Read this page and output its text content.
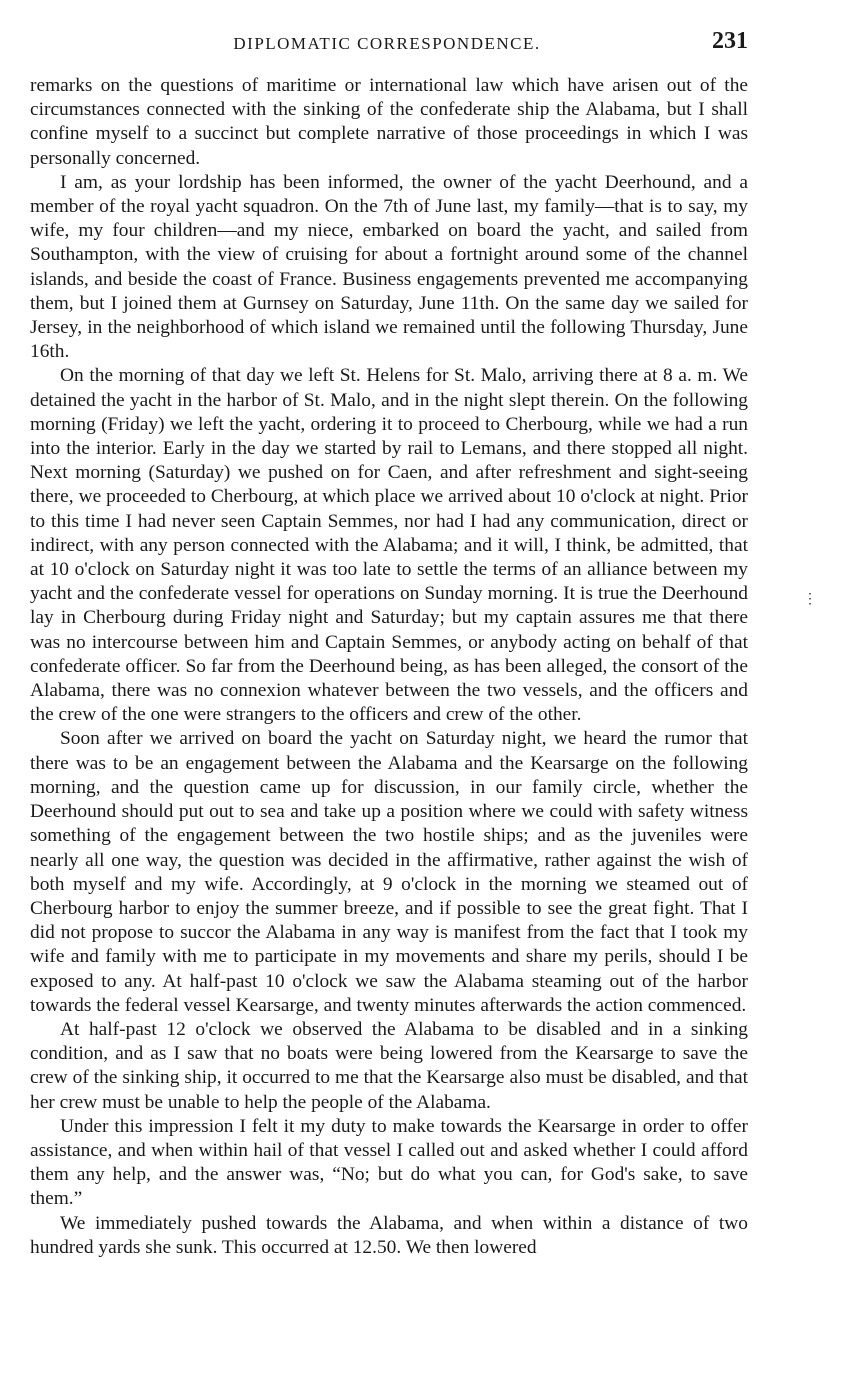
DIPLOMATIC CORRESPONDENCE.	231

remarks on the questions of maritime or international law which have arisen out of the circumstances connected with the sinking of the confederate ship the Alabama, but I shall confine myself to a succinct but complete narrative of those proceedings in which I was personally concerned.

I am, as your lordship has been informed, the owner of the yacht Deerhound, and a member of the royal yacht squadron. On the 7th of June last, my family—that is to say, my wife, my four children—and my niece, embarked on board the yacht, and sailed from Southampton, with the view of cruising for about a fortnight around some of the channel islands, and beside the coast of France. Business engagements prevented me accompanying them, but I joined them at Gurnsey on Saturday, June 11th. On the same day we sailed for Jersey, in the neighborhood of which island we remained until the following Thursday, June 16th.

On the morning of that day we left St. Helens for St. Malo, arriving there at 8 a. m. We detained the yacht in the harbor of St. Malo, and in the night slept therein. On the following morning (Friday) we left the yacht, ordering it to proceed to Cherbourg, while we had a run into the interior. Early in the day we started by rail to Lemans, and there stopped all night. Next morning (Saturday) we pushed on for Caen, and after refreshment and sight-seeing there, we proceeded to Cherbourg, at which place we arrived about 10 o'clock at night. Prior to this time I had never seen Captain Semmes, nor had I had any communication, direct or indirect, with any person connected with the Alabama; and it will, I think, be admitted, that at 10 o'clock on Saturday night it was too late to settle the terms of an alliance between my yacht and the confederate vessel for operations on Sunday morning. It is true the Deerhound lay in Cherbourg during Friday night and Saturday; but my captain assures me that there was no intercourse between him and Captain Semmes, or anybody acting on behalf of that confederate officer. So far from the Deerhound being, as has been alleged, the consort of the Alabama, there was no connexion whatever between the two vessels, and the officers and the crew of the one were strangers to the officers and crew of the other.

Soon after we arrived on board the yacht on Saturday night, we heard the rumor that there was to be an engagement between the Alabama and the Kearsarge on the following morning, and the question came up for discussion, in our family circle, whether the Deerhound should put out to sea and take up a position where we could with safety witness something of the engagement between the two hostile ships; and as the juveniles were nearly all one way, the question was decided in the affirmative, rather against the wish of both myself and my wife. Accordingly, at 9 o'clock in the morning we steamed out of Cherbourg harbor to enjoy the summer breeze, and if possible to see the great fight. That I did not propose to succor the Alabama in any way is manifest from the fact that I took my wife and family with me to participate in my movements and share my perils, should I be exposed to any. At half-past 10 o'clock we saw the Alabama steaming out of the harbor towards the federal vessel Kearsarge, and twenty minutes afterwards the action commenced.

At half-past 12 o'clock we observed the Alabama to be disabled and in a sinking condition, and as I saw that no boats were being lowered from the Kearsarge to save the crew of the sinking ship, it occurred to me that the Kearsarge also must be disabled, and that her crew must be unable to help the people of the Alabama.

Under this impression I felt it my duty to make towards the Kearsarge in order to offer assistance, and when within hail of that vessel I called out and asked whether I could afford them any help, and the answer was, “No; but do what you can, for God's sake, to save them.”

We immediately pushed towards the Alabama, and when within a distance of two hundred yards she sunk. This occurred at 12.50. We then lowered

⋮
